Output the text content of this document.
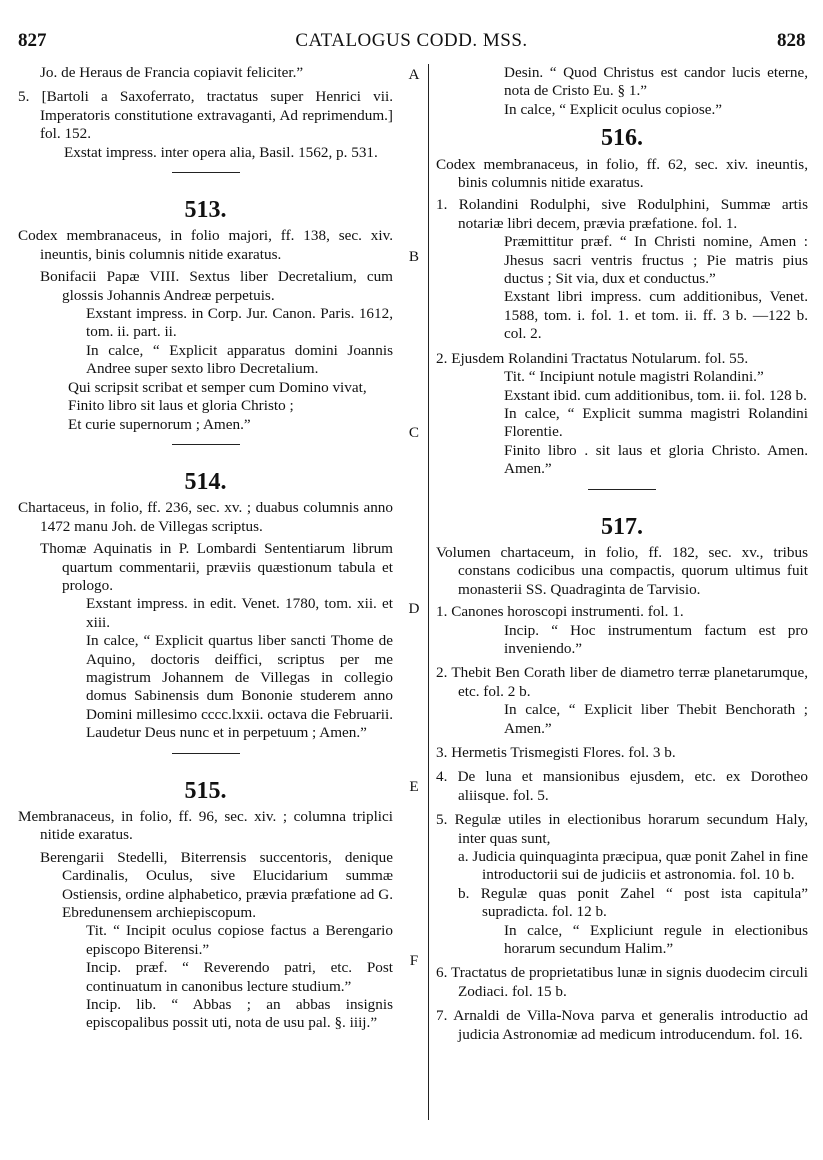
827	CATALOGUS CODD. MSS.	828
A
B
C
D
E
F

Jo. de Heraus de Francia copiavit feliciter.”

5. [Bartoli a Saxoferrato, tractatus super Henrici vii. Imperatoris constitutione extravaganti, Ad reprimendum.] fol. 152.

Exstat impress. inter opera alia, Basil. 1562, p. 531.

513.

Codex membranaceus, in folio majori, ff. 138, sec. xiv. ineuntis, binis columnis nitide exaratus.

Bonifacii Papæ VIII. Sextus liber Decretalium, cum glossis Johannis Andreæ perpetuis.

Exstant impress. in Corp. Jur. Canon. Paris. 1612, tom. ii. part. ii.

In calce, “ Explicit apparatus domini Joannis Andree super sexto libro Decretalium.

Qui scripsit scribat et semper cum Domino vivat,

Finito libro sit laus et gloria Christo ;

Et curie supernorum ; Amen.”

514.

Chartaceus, in folio, ff. 236, sec. xv. ; duabus columnis anno 1472 manu Joh. de Villegas scriptus.

Thomæ Aquinatis in P. Lombardi Sententiarum librum quartum commentarii, prævіis quæstionum tabula et prologo.

Exstant impress. in edit. Venet. 1780, tom. xii. et xiii.

In calce, “ Explicit quartus liber sancti Thome de Aquino, doctoris deiffici, scriptus per me magistrum Johannem de Villegas in collegio domus Sabinensis dum Bononie studerem anno Domini millesimo cccc.lxxii. octava die Februarii. Laudetur Deus nunc et in perpetuum ; Amen.”

515.

Membranaceus, in folio, ff. 96, sec. xiv. ; columna triplici nitide exaratus.

Berengarii Stedelli, Biterrensis succentoris, denique Cardinalis, Oculus, sive Elucidarium summæ Ostiensis, ordine alphabetico, prævia præfatione ad G. Ebredunensem archiepiscopum.

Tit. “ Incipit oculus copiose factus a Berengario episcopo Biterensi.”

Incip. præf. “ Reverendo patri, etc. Post continuatum in canonibus lecture studium.”

Incip. lib. “ Abbas ; an abbas insignis episcopalibus possit uti, nota de usu pal. §. iiij.”

Desin. “ Quod Christus est candor lucis eterne, nota de Cristo Eu. § 1.”

In calce, “ Explicit oculus copiose.”

516.

Codex membranaceus, in folio, ff. 62, sec. xiv. ineuntis, binis columnis nitide exaratus.

1. Rolandini Rodulphi, sive Rodulphini, Summæ artis notariæ libri decem, prævia præfatione. fol. 1.

Præmittitur præf. “ In Christi nomine, Amen : Jhesus sacri ventris fructus ; Pie matris pius ductus ; Sit via, dux et conductus.”

Exstant libri impress. cum additionibus, Venet. 1588, tom. i. fol. 1. et tom. ii. ff. 3 b. —122 b. col. 2.

2. Ejusdem Rolandini Tractatus Notularum. fol. 55.

Tit. “ Incipiunt notule magistri Rolandini.”

Exstant ibid. cum additionibus, tom. ii. fol. 128 b.

In calce, “ Explicit summa magistri Rolandini Florentie.

Finito libro . sit laus et gloria Christo. Amen. Amen.”

517.

Volumen chartaceum, in folio, ff. 182, sec. xv., tribus constans codicibus una compactis, quorum ultimus fuit monasterii SS. Quadraginta de Tarvisio.

1. Canones horoscopi instrumenti. fol. 1.

Incip. “ Hoc instrumentum factum est pro inveniendo.”

2. Thebit Ben Corath liber de diametro terræ planetarumque, etc. fol. 2 b.

In calce, “ Explicit liber Thebit Benchorath ; Amen.”

3. Hermetis Trismegisti Flores. fol. 3 b.

4. De luna et mansionibus ejusdem, etc. ex Dorotheo aliisque. fol. 5.

5. Regulæ utiles in electionibus horarum secundum Haly, inter quas sunt,

a. Judicia quinquaginta præcipua, quæ ponit Zahel in fine introductorii sui de judiciis et astronomia. fol. 10 b.

b. Regulæ quas ponit Zahel “ post ista capitula” supradicta. fol. 12 b.

In calce, “ Expliciunt regule in electionibus horarum secundum Halim.”

6. Tractatus de proprietatibus lunæ in signis duodecim circuli Zodiaci. fol. 15 b.

7. Arnaldi de Villa-Nova parva et generalis introductio ad judicia Astronomiæ ad medicum introducendum. fol. 16.
